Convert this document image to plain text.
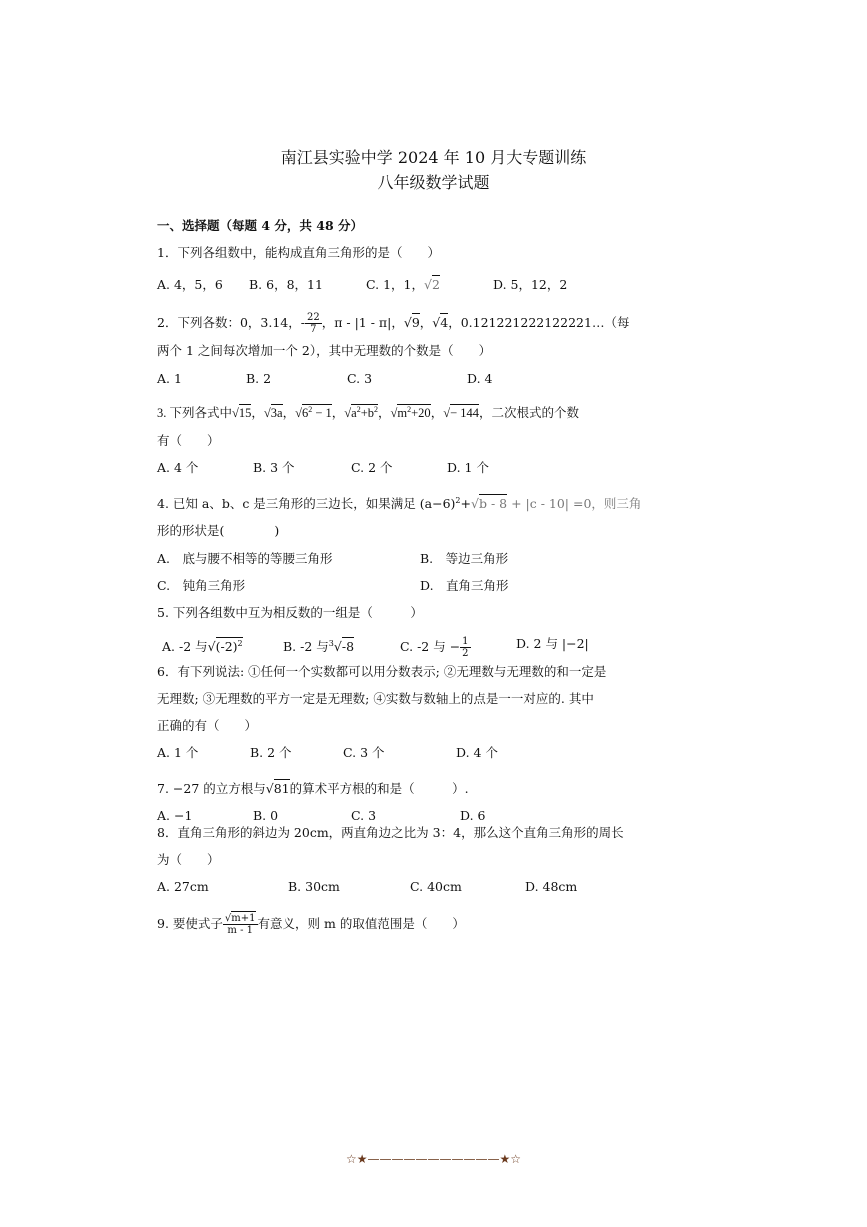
南江县实验中学 2024 年 10 月大专题训练
八年级数学试题
一、选择题（每题 4 分，共 48 分）
1．下列各组数中，能构成直角三角形的是（　　）
A. 4，5，6 B. 6，8，11	C. 1，1，√2	D. 5，12，2
2．下列各数：0，3.14，- $\frac{22}{7}$ ，π - |1 - π|，√9，√4，0.121221222122221…（每
两个 1 之间每次增加一个 2），其中无理数的个数是（　　）
A. 1	B. 2	C. 3	D. 4
3. 下列各式中√15，√3a，$√6^2 - 1$，$√a^2+b^2$，$√m^2+20$，√− 144，二次根式的个数
有（　　）
A. 4 个	B. 3 个	C. 2 个	D. 1 个
4. 已知 a、b、c 是三角形的三边长，如果满足 $(a-6)^2+√b - 8 + |c - 10| =0$，则三角
形的形状是(　　　　)
A.　底与腰不相等的等腰三角形	B.　等边三角形
C.　钝角三角形	D.　直角三角形
5. 下列各组数中互为相反数的一组是（　　　）
A. -2 与$√(-2)^2$	B. -2 与$^3$√-8	C. -2 与 − $\frac{1}{2}$	D. 2 与 |−2|
6．有下列说法: ①任何一个实数都可以用分数表示; ②无理数与无理数的和一定是
无理数; ③无理数的平方一定是无理数; ④实数与数轴上的点是一一对应的. 其中
正确的有（　　）
A. 1 个	B. 2 个	C. 3 个	D. 4 个
7. −27 的立方根与√81的算术平方根的和是（　　　）.
A. −1	B. 0	C. 3	D. 6
8．直角三角形的斜边为 20cm，两直角边之比为 3：4，那么这个直角三角形的周长
为（　　）
A. 27cm	B. 30cm	C. 40cm	D. 48cm
9. 要使式子 $\frac{√m+1}{m - 1}$ 有意义，则 m 的取值范围是（　　）
☆★———————————★☆
